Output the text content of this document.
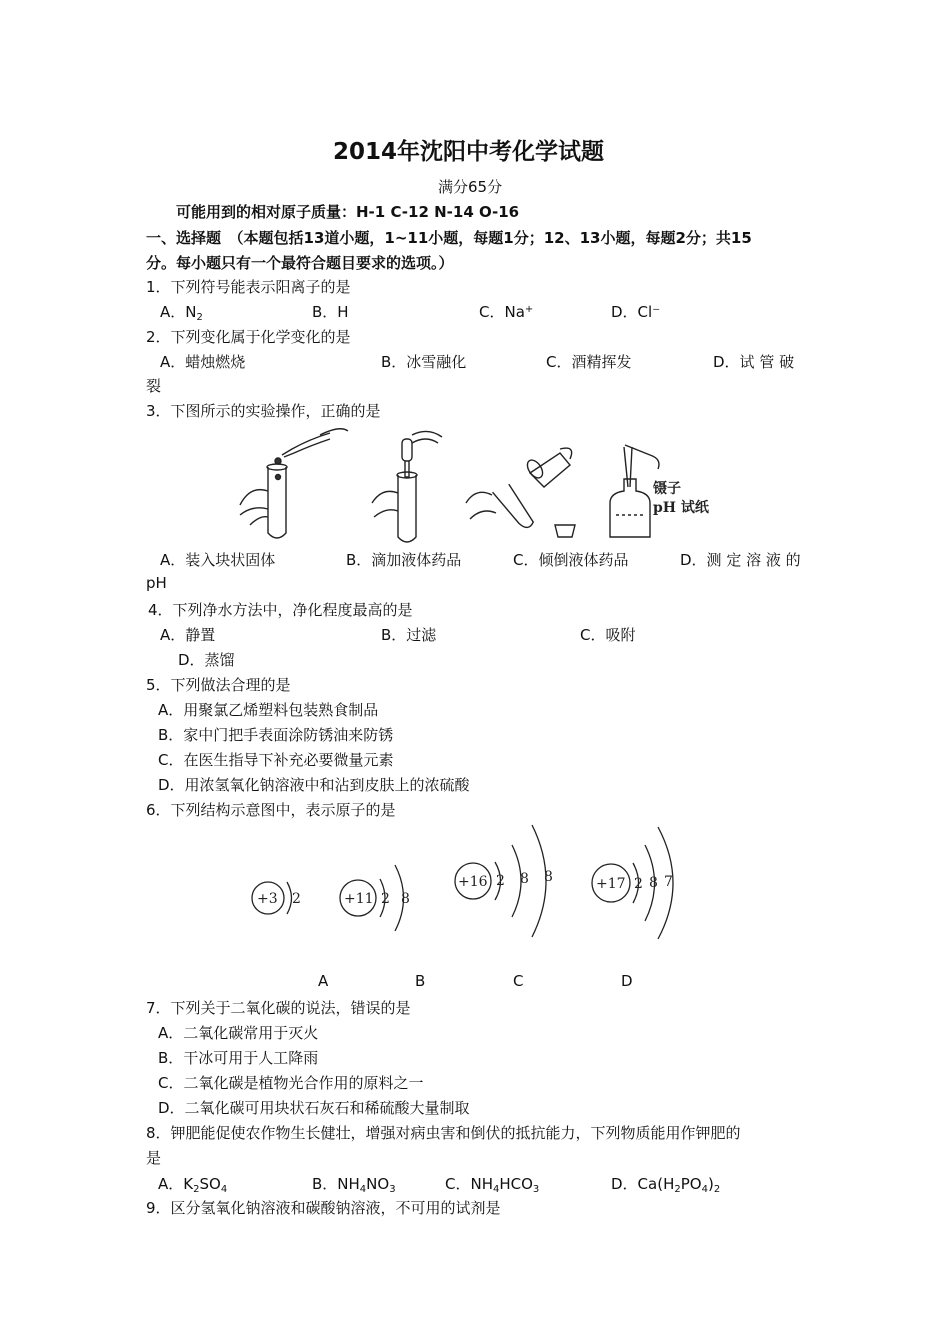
2014年沈阳中考化学试题
满分65分
可能用到的相对原子质量：H-1 C-12 N-14 O-16
一、选择题　（本题包括13道小题，1~11小题，每题1分；12、13小题，每题2分；共15
分。每小题只有一个最符合题目要求的选项。）
1．下列符号能表示阳离子的是
A．$N_2$	B．H	C．Na+	D．Cl⁻
2．下列变化属于化学变化的是
A．蜡烛燃烧	B．冰雪融化	C．酒精挥发	D．试 管 破
裂
3．下图所示的实验操作，正确的是
镊子
pH 试纸
A．装入块状固体	B．滴加液体药品	C．倾倒液体药品	D．测 定 溶 液 的
pH
4．下列净水方法中，净化程度最高的是
A．静置	B．过滤	C．吸附
D．蒸馏
5．下列做法合理的是
A．用聚氯乙烯塑料包装熟食制品
B．家中门把手表面涂防锈油来防锈
C．在医生指导下补充必要微量元素
D．用浓氢氧化钠溶液中和沾到皮肤上的浓硫酸
6．下列结构示意图中，表示原子的是
+3 2	+11 2 8
+16 2 8 8	+17 2 8 7
A	B	C	D
7．下列关于二氧化碳的说法，错误的是
A．二氧化碳常用于灭火
B．干冰可用于人工降雨
C．二氧化碳是植物光合作用的原料之一
D．二氧化碳可用块状石灰石和稀硫酸大量制取
8．钾肥能促使农作物生长健壮，增强对病虫害和倒伏的抵抗能力，下列物质能用作钾肥的
是
A．$K_2SO_4$	B．$NH_4NO_3$	C．$NH_4HCO_3$	D．$Ca(H_2PO_4)_2$
9．区分氢氧化钠溶液和碳酸钠溶液，不可用的试剂是
